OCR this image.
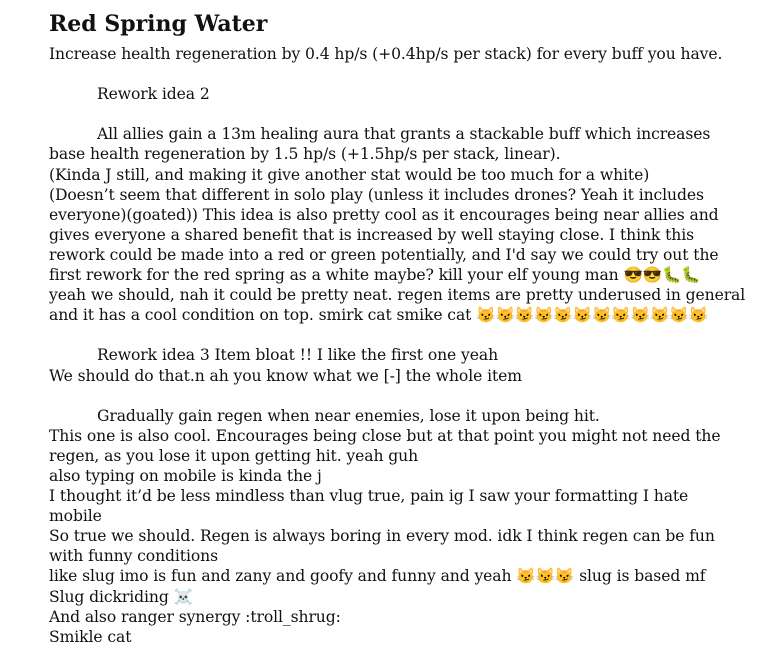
Red Spring Water
Increase health regeneration by 0.4 hp/s (+0.4hp/s per stack) for every buff you have.
Rework idea 2
All allies gain a 13m healing aura that grants a stackable buff which increases
base health regeneration by 1.5 hp/s (+1.5hp/s per stack, linear).
(Kinda J still, and making it give another stat would be too much for a white)
(Doesn’t seem that different in solo play (unless it includes drones? Yeah it includes
everyone)(goated)) This idea is also pretty cool as it encourages being near allies and
gives everyone a shared benefit that is increased by well staying close. I think this
rework could be made into a red or green potentially, and I'd say we could try out the
first rework for the red spring as a white maybe? kill your elf young man 😎😎🐛🐛
yeah we should, nah it could be pretty neat. regen items are pretty underused in general
and it has a cool condition on top. smirk cat smike cat 😼😼😼😼😼😼😼😼😼😼😼😼
Rework idea 3 Item bloat !! I like the first one yeah
We should do that.n ah you know what we [-] the whole item
Gradually gain regen when near enemies, lose it upon being hit.
This one is also cool. Encourages being close but at that point you might not need the
regen, as you lose it upon getting hit. yeah guh
also typing on mobile is kinda the j
I thought it’d be less mindless than vlug true, pain ig I saw your formatting I hate
mobile
So true we should. Regen is always boring in every mod. idk I think regen can be fun
with funny conditions
like slug imo is fun and zany and goofy and funny and yeah 😼😼😼 slug is based mf
Slug dickriding ☠️
And also ranger synergy :troll_shrug:
Smikle cat
